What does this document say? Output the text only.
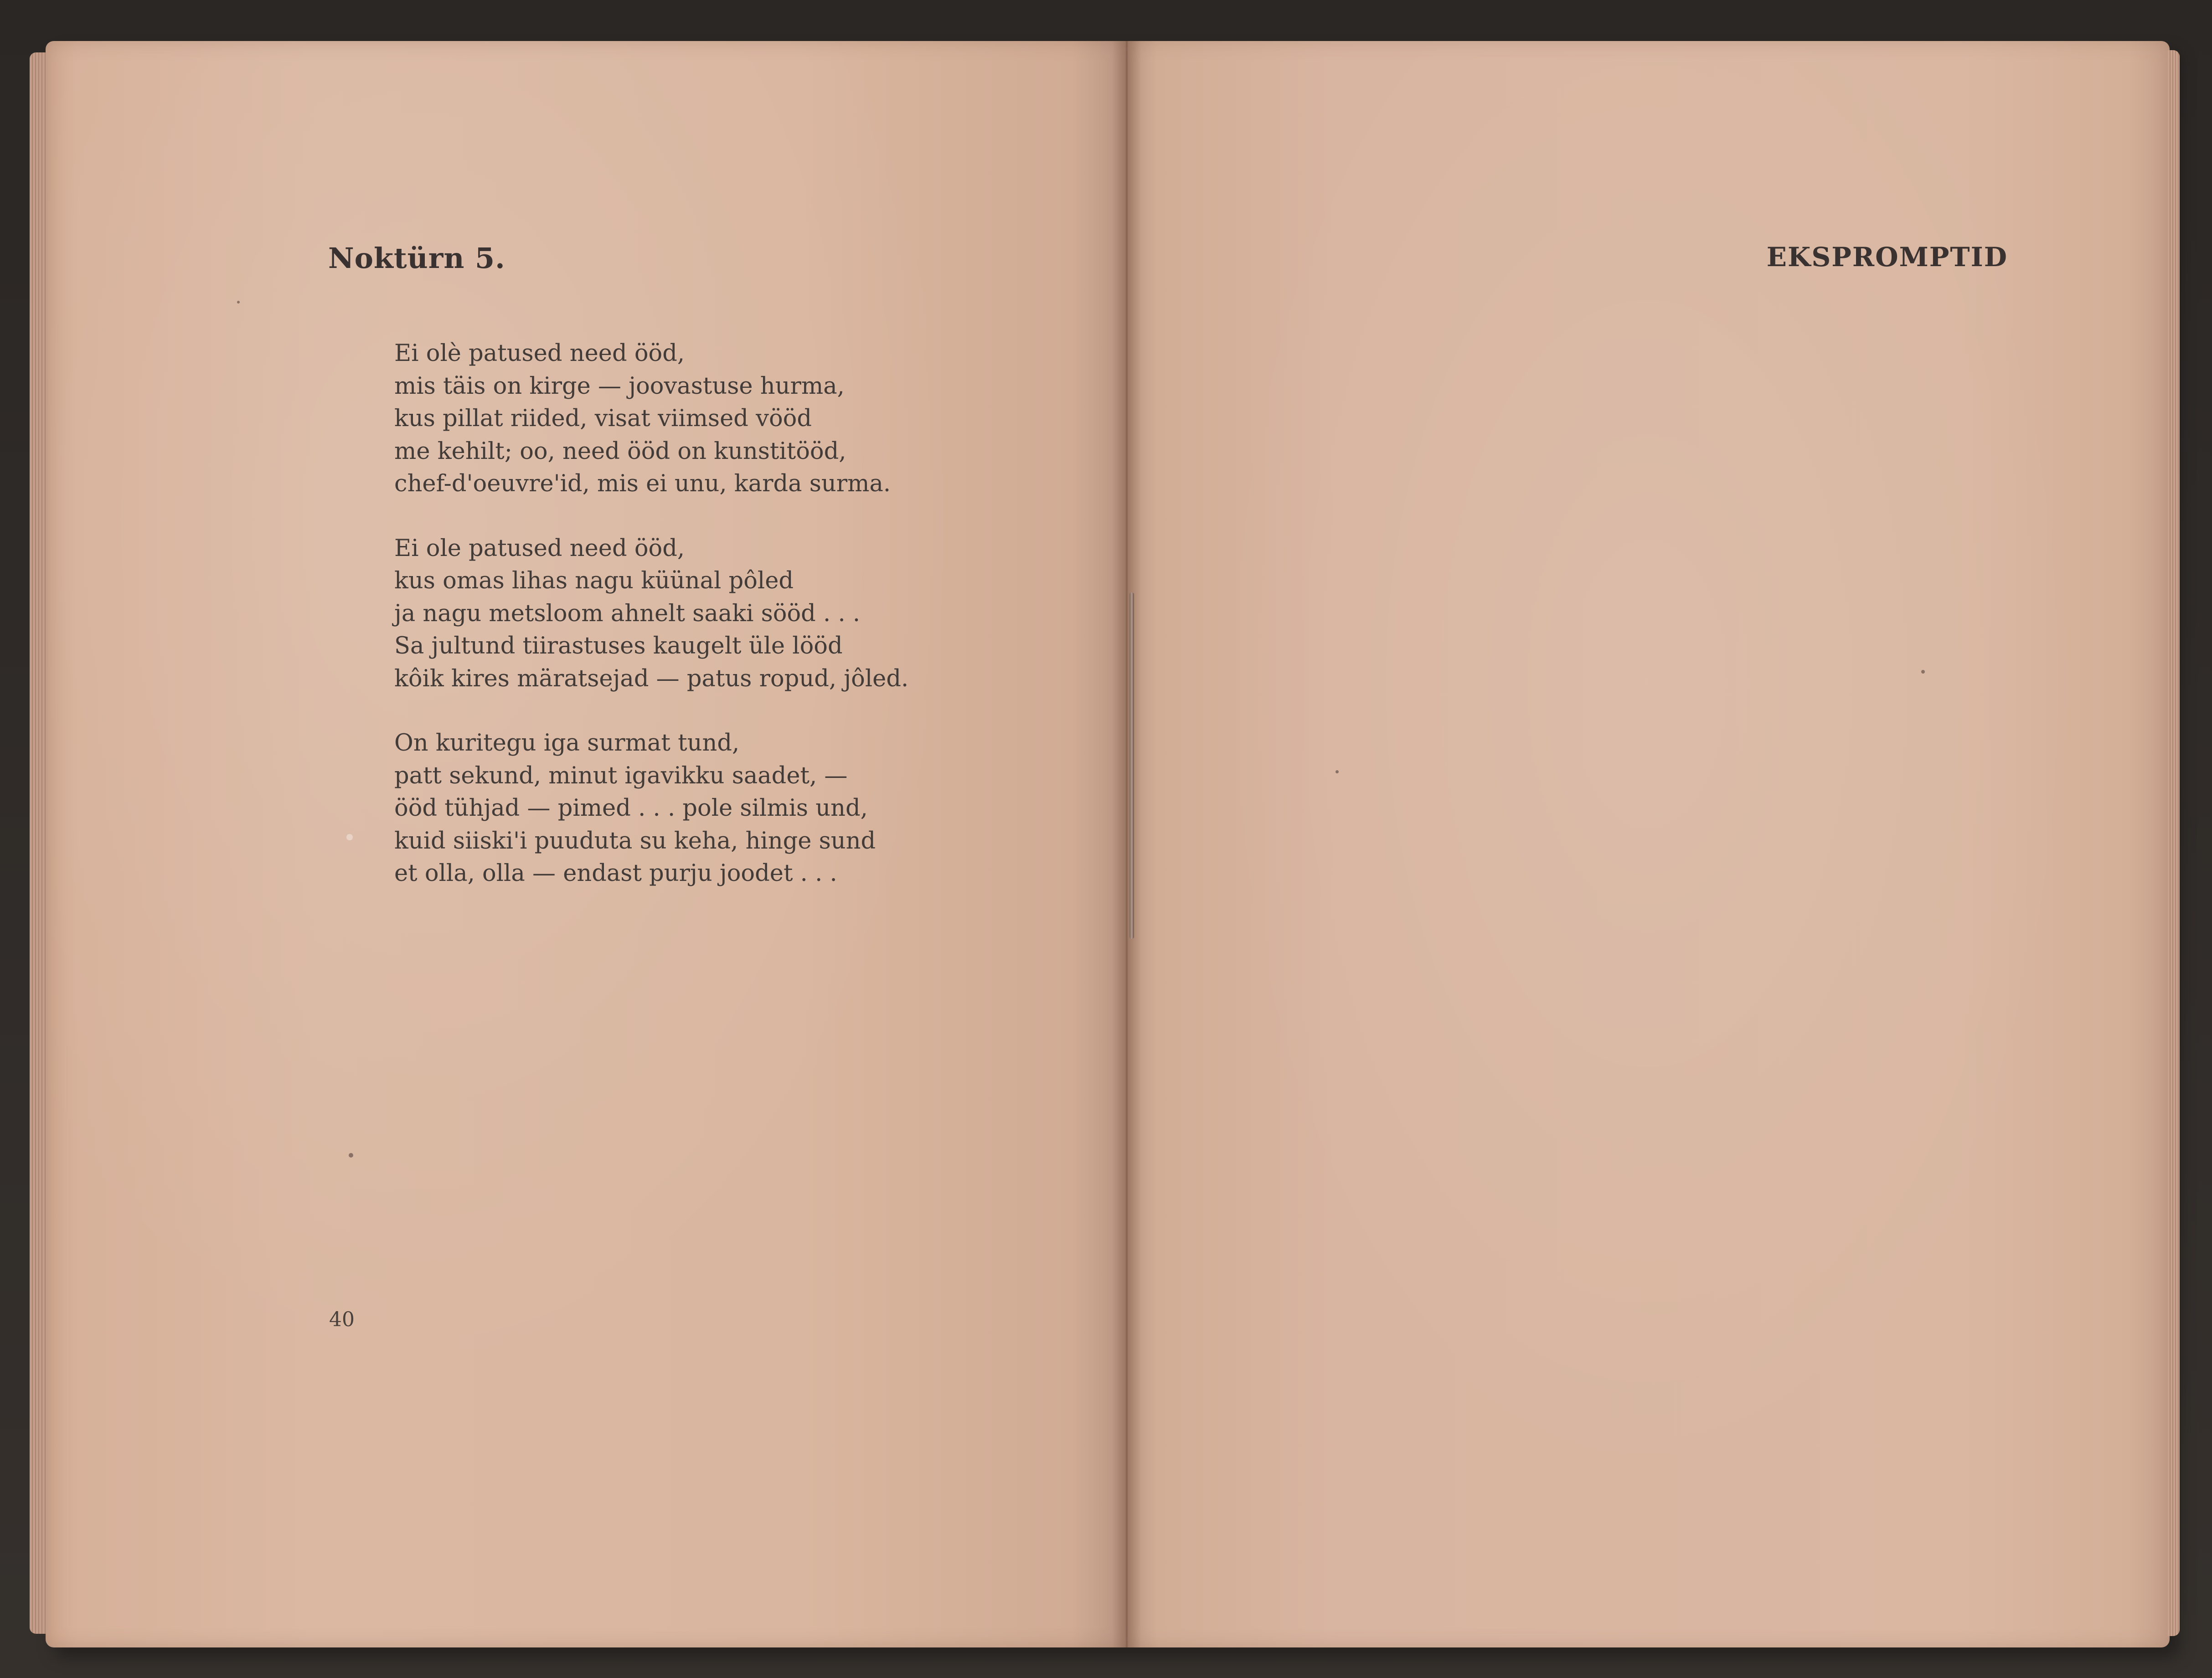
Noktürn 5.
Ei olè patused need ööd,
mis täis on kirge — joovastuse hurma,
kus pillat riided, visat viimsed vööd
me kehilt; oo, need ööd on kunstitööd,
chef-d'oeuvre'id, mis ei unu, karda surma.
Ei ole patused need ööd,
kus omas lihas nagu küünal pôled
ja nagu metsloom ahnelt saaki sööd . . .
Sa jultund tiirastuses kaugelt üle lööd
kôik kires märatsejad — patus ropud, jôled.
On kuritegu iga surmat tund,
patt sekund, minut igavikku saadet, —
ööd tühjad — pimed . . . pole silmis und,
kuid siiski'i puuduta su keha, hinge sund
et olla, olla — endast purju joodet . . .
40
EKSPROMPTID
